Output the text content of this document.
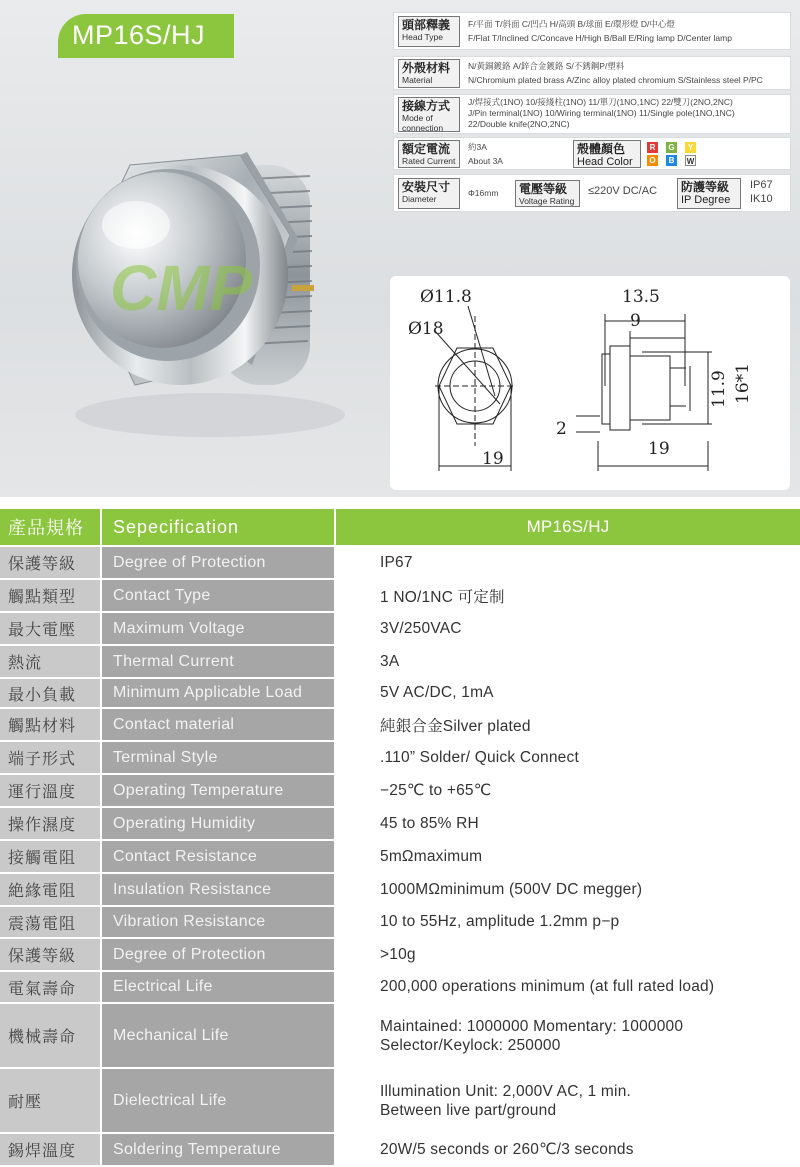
MP16S/HJ
CMP
頭部釋義
Head Type
F/平面 T/斜面 C/凹凸 H/高頭 B/球面 E/環形燈 D/中心燈
F/Flat T/Inclined C/Concave H/High B/Ball E/Ring lamp D/Center lamp
外殼材料
Material
N/黃銅鍍鉻 A/鋅合金鍍鉻 S/不銹鋼P/塑料
N/Chromium plated brass A/Zinc alloy plated chromium S/Stainless steel P/PC
接線方式
Mode of
connection
J/焊接式(1NO) 10/接綫柱(1NO) 11/單刀(1NO,1NC) 22/雙刀(2NO,2NC)
J/Pin terminal(1NO) 10/Wiring terminal(1NO) 11/Single pole(1NO,1NC)
22/Double knife(2NO,2NC)
額定電流
Rated Current
約3A
About 3A
殼體顏色
Head Color
R	G	Y
O	B	W
安裝尺寸
Diameter
Φ16mm 電壓等級
Voltage Rating
≤220V DC/AC 防護等級
IP Degree
IP67
IK10
Ø11.8
Ø18
19
13.5
9
2
19
11.9 16*1
產品規格	Sepecification	MP16S/HJ
保護等級	Degree of Protection	IP67
觸點類型	Contact Type	1 NO/1NC 可定制
最大電壓	Maximum Voltage	3V/250VAC
熱流	Thermal Current	3A
最小負載	Minimum Applicable Load	5V AC/DC, 1mA
觸點材料	Contact material	純銀合金Silver plated
端子形式	Terminal Style	.110” Solder/ Quick Connect
運行溫度	Operating Temperature	−25℃ to +65℃
操作濕度	Operating Humidity	45 to 85% RH
接觸電阻	Contact Resistance	5mΩmaximum
絶緣電阻	Insulation Resistance	1000MΩminimum (500V DC megger)
震蕩電阻	Vibration Resistance	10 to 55Hz, amplitude 1.2mm p−p
保護等級	Degree of Protection	>10g
電氣壽命	Electrical Life	200,000 operations minimum (at full rated load)
機械壽命	Mechanical Life
Maintained: 1000000 Momentary: 1000000
Selector/Keylock: 250000
耐壓	Dielectrical Life
Illumination Unit: 2,000V AC, 1 min.
Between live part/ground
錫焊溫度	Soldering Temperature	20W/5 seconds or 260℃/3 seconds
